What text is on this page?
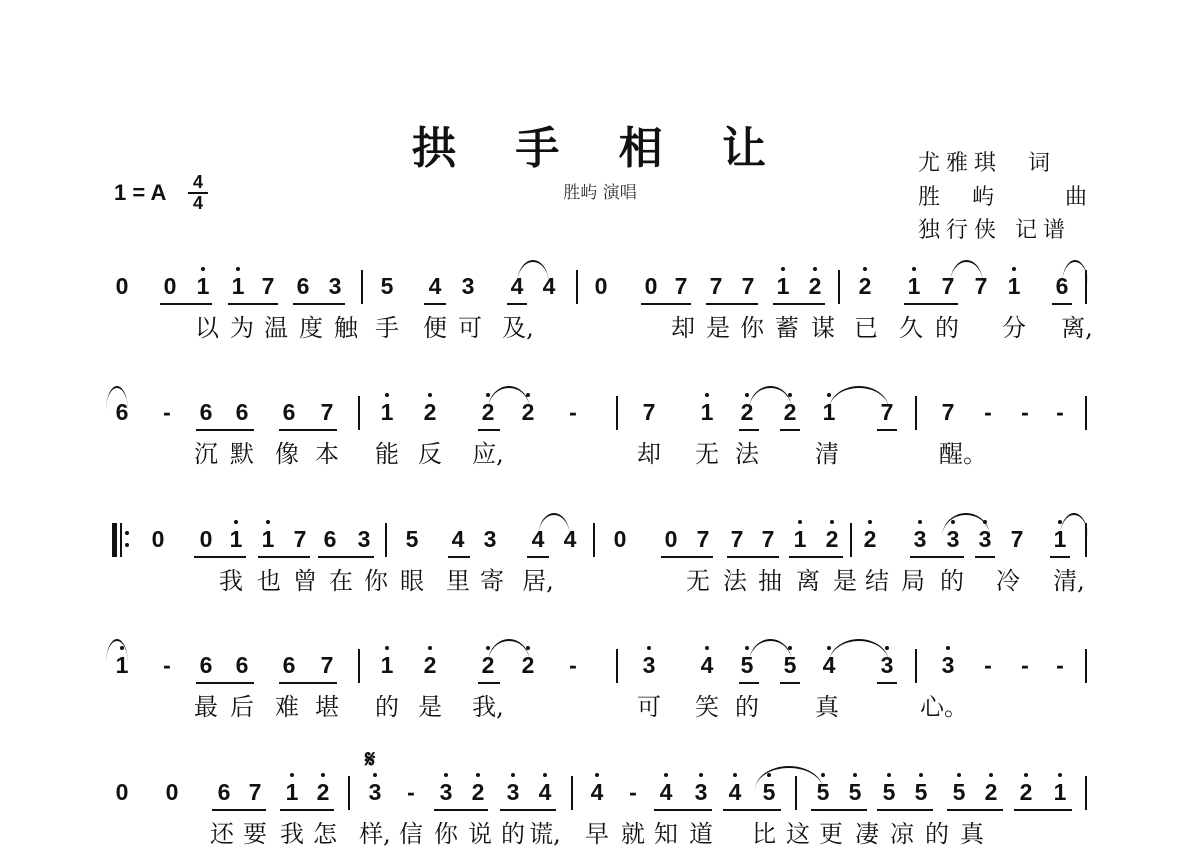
拱 手 相 让
胜屿 演唱
尤雅琪  词
胜  屿     曲
独行侠 记谱
1 = A 4
4
0 0 1 1 7 6 3 5 4 3 4 4 0 0 7 7 7 1 2 2 1 7 7 1 6
以 为 温 度 触 手 便 可 及,	却 是 你 蓄 谋 已 久 的 分 离,
6 - 6 6 6 7 1 2 2 2 -	7 1 2 2 1 7 7 - - -
沉 默 像 本 能 反 应,	却 无 法 清	醒。
0 0 1 1 7 6 3 5 4 3 4 4 0 0 7 7 7 1 2 2 3 3 3 7 1
我 也 曾 在 你 眼 里 寄 居,	无 法 抽 离 是 结 局 的 冷 清,
1 - 6 6 6 7 1 2 2 2 -	3 4 5 5 4 3 3 - - -
最 后 难 堪 的 是 我,	可 笑 的 真	心。
0 0 6 7 1 2 3 - 3 2 3 4 4 - 4 3 4 5 5 5 5 5 5 2 2 1
还 要 我 怎 样, 信 你 说 的 谎, 早 就 知 道 比 这 更 凄 凉 的 真
𝄋
